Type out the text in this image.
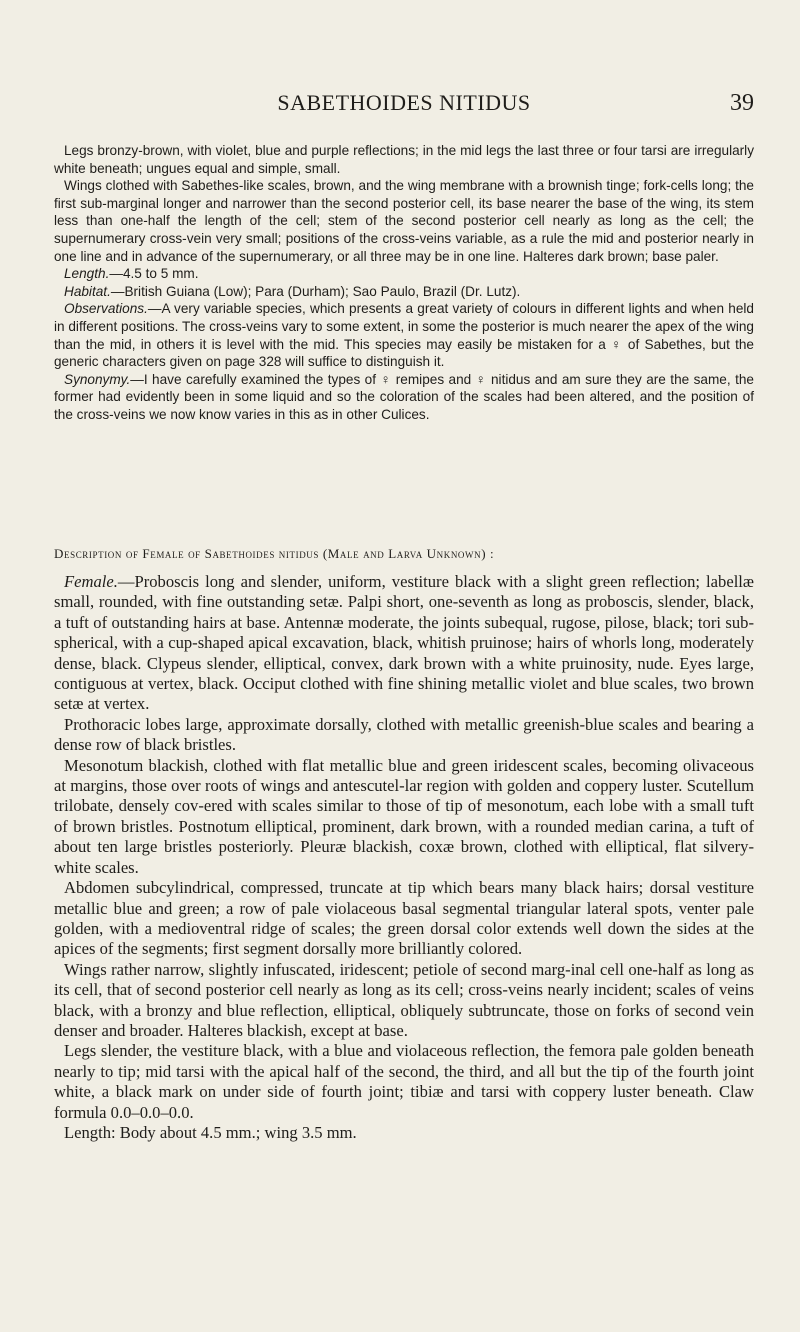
SABETHOIDES NITIDUS	39

Legs bronzy-brown, with violet, blue and purple reflections; in the mid legs the last three or four tarsi are irregularly white beneath; ungues equal and simple, small.

Wings clothed with Sabethes-like scales, brown, and the wing membrane with a brownish tinge; fork-cells long; the first sub-marginal longer and narrower than the second posterior cell, its base nearer the base of the wing, its stem less than one-half the length of the cell; stem of the second posterior cell nearly as long as the cell; the supernumerary cross-vein very small; positions of the cross-veins variable, as a rule the mid and posterior nearly in one line and in advance of the supernumerary, or all three may be in one line. Halteres dark brown; base paler.

Length.—4.5 to 5 mm.

Habitat.—British Guiana (Low); Para (Durham); Sao Paulo, Brazil (Dr. Lutz).

Observations.—A very variable species, which presents a great variety of colours in different lights and when held in different positions. The cross-veins vary to some extent, in some the posterior is much nearer the apex of the wing than the mid, in others it is level with the mid. This species may easily be mistaken for a ♀ of Sabethes, but the generic characters given on page 328 will suffice to distinguish it.

Synonymy.—I have carefully examined the types of ♀ remipes and ♀ nitidus and am sure they are the same, the former had evidently been in some liquid and so the coloration of the scales had been altered, and the position of the cross-veins we now know varies in this as in other Culices.

Description of Female of Sabethoides nitidus (Male and Larva Unknown) :

Female.—Proboscis long and slender, uniform, vestiture black with a slight green reflection; labellæ small, rounded, with fine outstanding setæ. Palpi short, one-seventh as long as proboscis, slender, black, a tuft of outstanding hairs at base. Antennæ moderate, the joints subequal, rugose, pilose, black; tori sub-spherical, with a cup-shaped apical excavation, black, whitish pruinose; hairs of whorls long, moderately dense, black. Clypeus slender, elliptical, convex, dark brown with a white pruinosity, nude. Eyes large, contiguous at vertex, black. Occiput clothed with fine shining metallic violet and blue scales, two brown setæ at vertex.

Prothoracic lobes large, approximate dorsally, clothed with metallic greenish-blue scales and bearing a dense row of black bristles.

Mesonotum blackish, clothed with flat metallic blue and green iridescent scales, becoming olivaceous at margins, those over roots of wings and antescutel-lar region with golden and coppery luster. Scutellum trilobate, densely cov-ered with scales similar to those of tip of mesonotum, each lobe with a small tuft of brown bristles. Postnotum elliptical, prominent, dark brown, with a rounded median carina, a tuft of about ten large bristles posteriorly. Pleuræ blackish, coxæ brown, clothed with elliptical, flat silvery-white scales.

Abdomen subcylindrical, compressed, truncate at tip which bears many black hairs; dorsal vestiture metallic blue and green; a row of pale violaceous basal segmental triangular lateral spots, venter pale golden, with a medioventral ridge of scales; the green dorsal color extends well down the sides at the apices of the segments; first segment dorsally more brilliantly colored.

Wings rather narrow, slightly infuscated, iridescent; petiole of second marg-inal cell one-half as long as its cell, that of second posterior cell nearly as long as its cell; cross-veins nearly incident; scales of veins black, with a bronzy and blue reflection, elliptical, obliquely subtruncate, those on forks of second vein denser and broader. Halteres blackish, except at base.

Legs slender, the vestiture black, with a blue and violaceous reflection, the femora pale golden beneath nearly to tip; mid tarsi with the apical half of the second, the third, and all but the tip of the fourth joint white, a black mark on under side of fourth joint; tibiæ and tarsi with coppery luster beneath. Claw formula 0.0–0.0–0.0.

Length: Body about 4.5 mm.; wing 3.5 mm.
